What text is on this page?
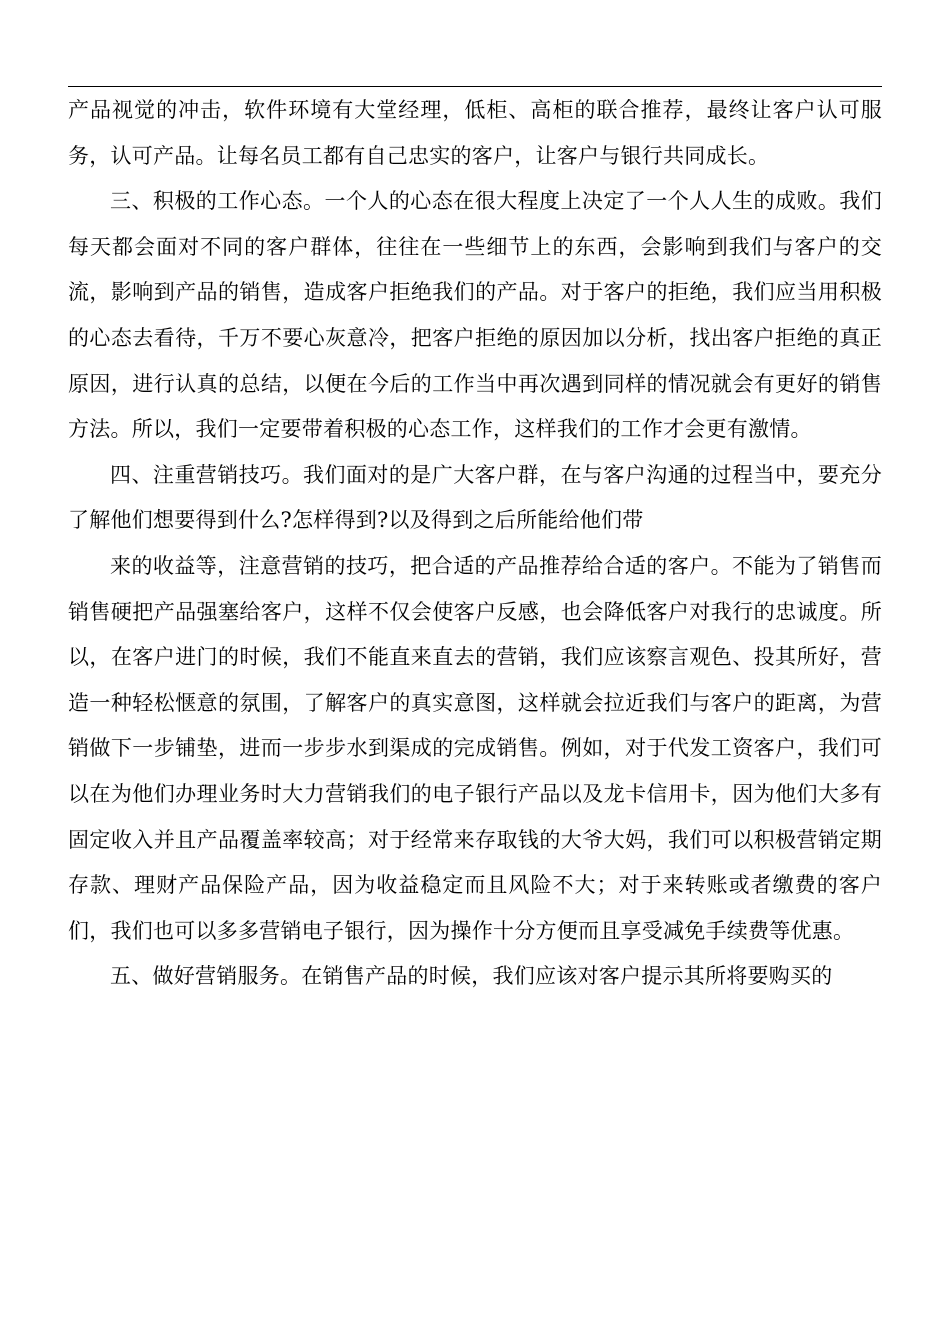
产品视觉的冲击，软件环境有大堂经理，低柜、高柜的联合推荐，最终让客户认可服务，认可产品。让每名员工都有自己忠实的客户，让客户与银行共同成长。

三、积极的工作心态。一个人的心态在很大程度上决定了一个人人生的成败。我们每天都会面对不同的客户群体，往往在一些细节上的东西，会影响到我们与客户的交流，影响到产品的销售，造成客户拒绝我们的产品。对于客户的拒绝，我们应当用积极的心态去看待，千万不要心灰意冷，把客户拒绝的原因加以分析，找出客户拒绝的真正原因，进行认真的总结，以便在今后的工作当中再次遇到同样的情况就会有更好的销售方法。所以，我们一定要带着积极的心态工作，这样我们的工作才会更有激情。

四、注重营销技巧。我们面对的是广大客户群，在与客户沟通的过程当中，要充分了解他们想要得到什么?怎样得到?以及得到之后所能给他们带

来的收益等，注意营销的技巧，把合适的产品推荐给合适的客户。不能为了销售而销售硬把产品强塞给客户，这样不仅会使客户反感，也会降低客户对我行的忠诚度。所以，在客户进门的时候，我们不能直来直去的营销，我们应该察言观色、投其所好，营造一种轻松惬意的氛围，了解客户的真实意图，这样就会拉近我们与客户的距离，为营销做下一步铺垫，进而一步步水到渠成的完成销售。例如，对于代发工资客户，我们可以在为他们办理业务时大力营销我们的电子银行产品以及龙卡信用卡，因为他们大多有固定收入并且产品覆盖率较高；对于经常来存取钱的大爷大妈，我们可以积极营销定期存款、理财产品保险产品，因为收益稳定而且风险不大；对于来转账或者缴费的客户们，我们也可以多多营销电子银行，因为操作十分方便而且享受减免手续费等优惠。

五、做好营销服务。在销售产品的时候，我们应该对客户提示其所将要购买的
